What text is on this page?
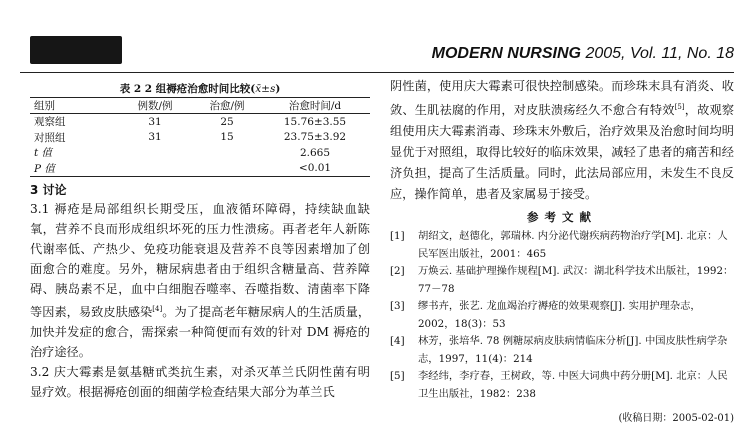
MODERN NURSING 2005, Vol. 11, No. 18
表 2 2 组褥疮治愈时间比较(x̄±s)
组别	例数/例	治愈/例	治愈时间/d
观察组	31	25	15.76±3.55
对照组	31	15	23.75±3.92
t 值			2.665
P 值			<0.01
3 讨论

3.1 褥疮是局部组织长期受压，血液循环障碍，持续缺血缺氧，营养不良而形成组织坏死的压力性溃疡。再者老年人新陈代谢率低、产热少、免疫功能衰退及营养不良等因素增加了创面愈合的难度。另外，糖尿病患者由于组织含糖量高、营养障碍、胰岛素不足，血中白细胞吞噬率、吞噬指数、清菌率下降等因素，易致皮肤感染[4]。为了提高老年糖尿病人的生活质量，加快并发症的愈合，需探索一种简便而有效的针对 DM 褥疮的治疗途径。

3.2 庆大霉素是氨基糖甙类抗生素，对杀灭革兰氏阴性菌有明显疗效。根据褥疮创面的细菌学检查结果大部分为革兰氏

阴性菌，使用庆大霉素可很快控制感染。而珍珠末具有消炎、收敛、生肌祛腐的作用，对皮肤溃疡经久不愈合有特效[5]，故观察组使用庆大霉素消毒、珍珠末外敷后，治疗效果及治愈时间均明显优于对照组，取得比较好的临床效果，减轻了患者的痛苦和经济负担，提高了生活质量。同时，此法局部应用，未发生不良反应，操作简单，患者及家属易于接受。

参考文献
[1]	胡绍文，赵德化，郭瑞林. 内分泌代谢疾病药物治疗学[M]. 北京：人民军医出版社，2001：465
[2]	万焕云. 基础护理操作规程[M]. 武汉：湖北科学技术出版社，1992：77－78
[3]	缪书卉，张艺. 龙血竭治疗褥疮的效果观察[J]. 实用护理杂志，2002，18(3)：53
[4]	林芳，张培华. 78 例糖尿病皮肤病情临床分析[J]. 中国皮肤性病学杂志，1997，11(4)：214
[5]	李经纬，李疗春，王树政，等. 中医大词典中药分册[M]. 北京：人民卫生出版社，1982：238
(收稿日期：2005-02-01)
